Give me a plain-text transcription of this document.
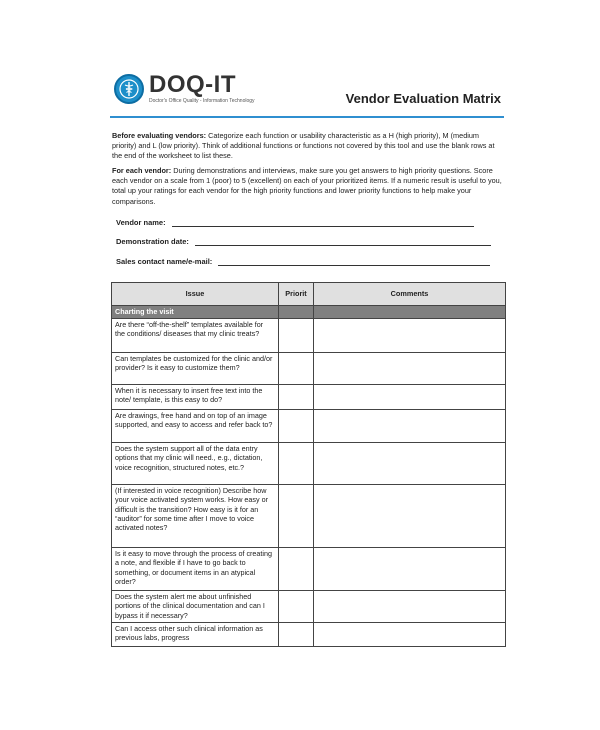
DOQ-IT
Doctor's Office Quality - Information Technology	Vendor Evaluation Matrix
Before evaluating vendors: Categorize each function or usability characteristic as a H (high priority), M (medium priority) and L (low priority). Think of additional functions or functions not covered by this tool and use the blank rows at the end of the worksheet to list these.
For each vendor: During demonstrations and interviews, make sure you get answers to high priority questions. Score each vendor on a scale from 1 (poor) to 5 (excellent) on each of your prioritized items. If a numeric result is useful to you, total up your ratings for each vendor for the high priority functions and lower priority functions to help make your comparisons.
Vendor name:
Demonstration date:
Sales contact name/e-mail:
Issue	Priorit	Comments
Charting the visit		
Are there “off-the-shelf” templates available for the conditions/ diseases that my clinic treats?		
Can templates be customized for the clinic and/or provider? Is it easy to customize them?		
When it is necessary to insert free text into the note/ template, is this easy to do?		
Are drawings, free hand and on top of an image supported, and easy to access and refer back to?		
Does the system support all of the data entry options that my clinic will need., e.g., dictation, voice recognition, structured notes, etc.?		
(If interested in voice recognition) Describe how your voice activated system works. How easy or difficult is the transition? How easy is it for an “auditor” for some time after I move to voice activated notes?		
Is it easy to move through the process of creating a note, and flexible if I have to go back to something, or document items in an atypical order?		
Does the system alert me about unfinished portions of the clinical documentation and can I bypass it if necessary?		
Can I access other such clinical information as previous labs, progress		
